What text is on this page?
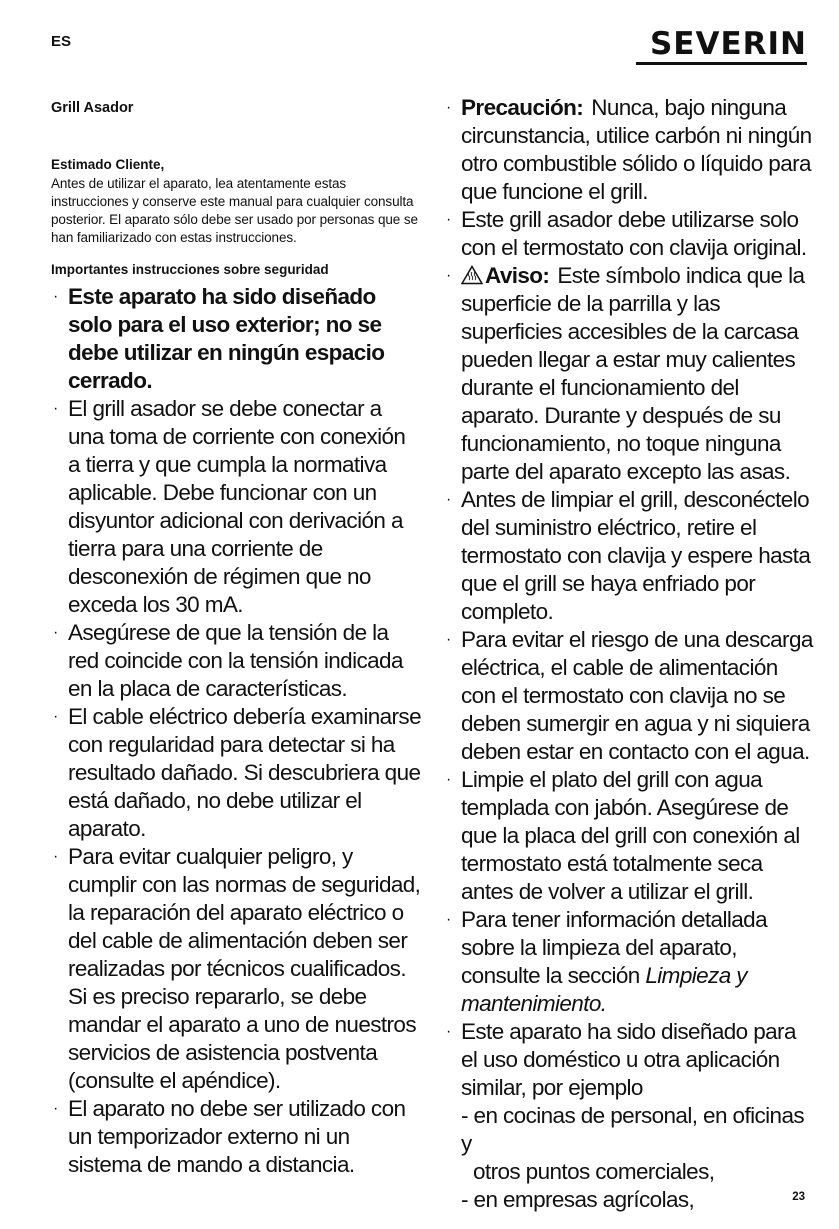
ES	SEVERIN
Grill Asador
Estimado Cliente,
Antes de utilizar el aparato, lea atentamente estas instrucciones y conserve este manual para cualquier consulta posterior. El aparato sólo debe ser usado por personas que se han familiarizado con estas instrucciones.
Importantes instrucciones sobre seguridad
· Este aparato ha sido diseñado solo para el uso exterior; no se debe utilizar en ningún espacio cerrado.
· El grill asador se debe conectar a una toma de corriente con conexión a tierra y que cumpla la normativa aplicable. Debe funcionar con un disyuntor adicional con derivación a tierra para una corriente de desconexión de régimen que no exceda los 30 mA.
· Asegúrese de que la tensión de la red coincide con la tensión indicada en la placa de características.
· El cable eléctrico debería examinarse con regularidad para detectar si ha resultado dañado. Si descubriera que está dañado, no debe utilizar el aparato.
· Para evitar cualquier peligro, y cumplir con las normas de seguridad, la reparación del aparato eléctrico o del cable de alimentación deben ser realizadas por técnicos cualificados. Si es preciso repararlo, se debe mandar el aparato a uno de nuestros servicios de asistencia postventa (consulte el apéndice).
· El aparato no debe ser utilizado con un temporizador externo ni un sistema de mando a distancia.
· Precaución: Nunca, bajo ninguna circunstancia, utilice carbón ni ningún otro combustible sólido o líquido para que funcione el grill.
· Este grill asador debe utilizarse solo con el termostato con clavija original.
· Aviso: Este símbolo indica que la superficie de la parrilla y las superficies accesibles de la carcasa pueden llegar a estar muy calientes durante el funcionamiento del aparato. Durante y después de su funcionamiento, no toque ninguna parte del aparato excepto las asas.
· Antes de limpiar el grill, desconéctelo del suministro eléctrico, retire el termostato con clavija y espere hasta que el grill se haya enfriado por completo.
· Para evitar el riesgo de una descarga eléctrica, el cable de alimentación con el termostato con clavija no se deben sumergir en agua y ni siquiera deben estar en contacto con el agua.
· Limpie el plato del grill con agua templada con jabón. Asegúrese de que la placa del grill con conexión al termostato está totalmente seca antes de volver a utilizar el grill.
· Para tener información detallada sobre la limpieza del aparato, consulte la sección Limpieza y mantenimiento.
· Este aparato ha sido diseñado para el uso doméstico u otra aplicación similar, por ejemplo
- en cocinas de personal, en oficinas y
otros puntos comerciales,
- en empresas agrícolas,	23
